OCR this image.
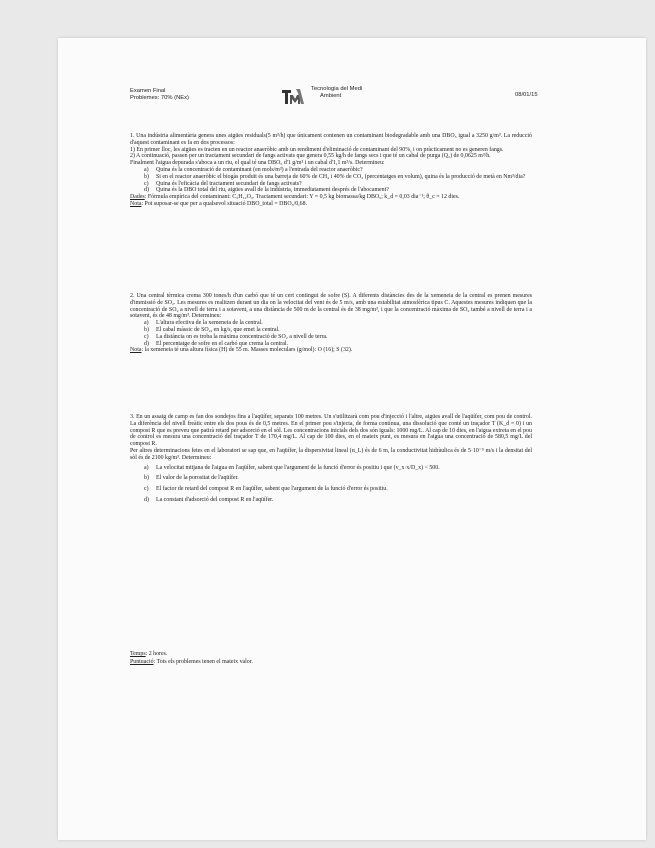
Examen Final
Problemes: 70% (NEx)
Tecnologia del Medi
Ambient	08/01/15

1. Una indústria alimentària genera unes aigües residuals(5 m³/h) que únicament contenen un contaminant biodegradable amb una DBO₅ igual a 3250 g/m³. La reducció d'aquest contaminant es fa en dos processos:

1) En primer lloc, les aigües es tracten en un reactor anaeròbic amb un rendiment d'eliminació de contaminant del 90%, i on pràcticament no es generen fangs.

2) A continuació, passen per un tractament secundari de fangs activats que genera 0,55 kg/h de fangs secs i que té un cabal de purga (Q₂) de 0,0625 m³/h.

Finalment l'aigua depurada s'aboca a un riu, el qual té una DBO₅ d'1 g/m³ i un cabal d'1,1 m³/s. Determineu:

a) Quina és la concentració de contaminant (en mols/m³) a l'entrada del reactor anaeròbic?
b) Si en el reactor anaeròbic el biogàs produït és una barreja de 60% de CH₄ i 40% de CO₂ (percentatges en volum), quina és la producció de metà en Nm³/dia?
c) Quina és l'eficàcia del tractament secundari de fangs activats?
d) Quina és la DBO total del riu, aigües avall de la indústria, immediatament després de l'abocament?

Dades: Fórmula empírica del contaminant: C₅H₁₂O₃. Tractament secundari: Y = 0,5 kg biomassa/kg DBO₅; k_d = 0,03 dia⁻¹; θ_c = 12 dies.

Nota: Pot suposar-se que per a qualsevol situació DBO_total = DBO₅/0,68.

2. Una central tèrmica crema 300 tones/h d'un carbó que té un cert contingut de sofre (S). A diferents distàncies des de la xemeneia de la central es prenen mesures d'immissió de SO₂. Les mesures es realitzen durant un dia on la velocitat del vent és de 5 m/s, amb una estabilitat atmosfèrica tipus C. Aquestes mesures indiquen que la concentració de SO₂ a nivell de terra i a sotavent, a una distància de 500 m de la central és de 38 mg/m³, i que la concentració màxima de SO₂ també a nivell de terra i a sotavent, és de 48 mg/m³. Determineu:

a) L'altura efectiva de la xemeneia de la central.
b) El cabal màssic de SO₂, en kg/s, que emet la central.
c) La distància on es troba la màxima concentració de SO₂ a nivell de terra.
d) El percentatge de sofre en el carbó que crema la central.

Nota: la xemeneia té una altura física (H) de 55 m. Masses moleculars (g/mol): O (16); S (32).

3. En un assaig de camp es fan dos sondejos fins a l'aqüífer, separats 100 metres. Un s'utilitzarà com pou d'injecció i l'altre, aigües avall de l'aqüífer, com pou de control. La diferència del nivell freàtic entre els dos pous és de 0,5 metres. En el primer pou s'injecta, de forma contínua, una dissolució que conté un traçador T (K_d = 0) i un compost R que es preveu que patirà retard per adsorció en el sòl. Les concentracions inicials dels dos són iguals: 1000 mg/L. Al cap de 10 dies, en l'aigua extreta en el pou de control es mesura una concentració del traçador T de 170,4 mg/L. Al cap de 100 dies, en el mateix punt, es mesura en l'aigua una concentració de 580,5 mg/L del compost R.

Per altres determinacions fetes en el laboratori se sap que, en l'aqüífer, la dispersivitat lineal (α_L) és de 6 m, la conductivitat hidràulica és de 5·10⁻⁵ m/s i la densitat del sòl és de 2100 kg/m³. Determineu:

a) La velocitat mitjana de l'aigua en l'aqüífer, sabent que l'argument de la funció d'error és positiu i que (v_x·x/D_x) < 500.
b) El valor de la porositat de l'aqüífer.
c) El factor de retard del compost R en l'aqüífer, sabent que l'argument de la funció d'error és positiu.
d) La constant d'adsorció del compost R en l'aqüífer.
Temps: 2 hores.
Puntuació: Tots els problemes tenen el mateix valor.
